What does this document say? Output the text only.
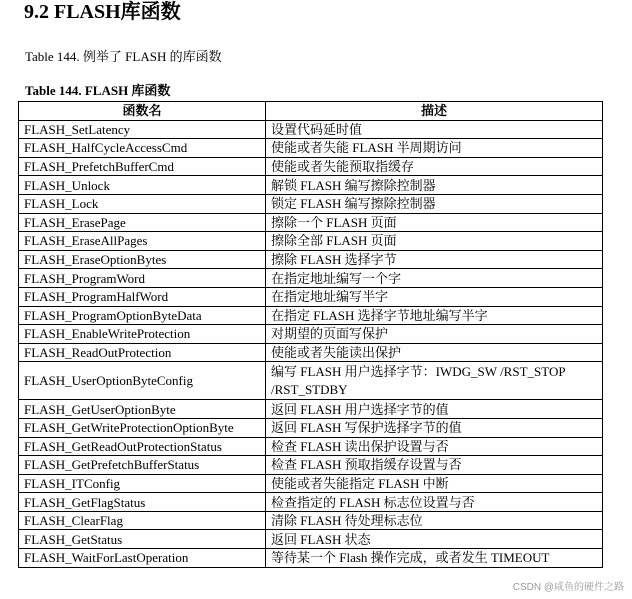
9.2 FLASH库函数
Table 144. 例举了 FLASH 的库函数
Table 144. FLASH 库函数
函数名	描述
FLASH_SetLatency	设置代码延时值
FLASH_HalfCycleAccessCmd	使能或者失能 FLASH 半周期访问
FLASH_PrefetchBufferCmd	使能或者失能预取指缓存
FLASH_Unlock	解锁 FLASH 编写擦除控制器
FLASH_Lock	锁定 FLASH 编写擦除控制器
FLASH_ErasePage	擦除一个 FLASH 页面
FLASH_EraseAllPages	擦除全部 FLASH 页面
FLASH_EraseOptionBytes	擦除 FLASH 选择字节
FLASH_ProgramWord	在指定地址编写一个字
FLASH_ProgramHalfWord	在指定地址编写半字
FLASH_ProgramOptionByteData	在指定 FLASH 选择字节地址编写半字
FLASH_EnableWriteProtection	对期望的页面写保护
FLASH_ReadOutProtection	使能或者失能读出保护
FLASH_UserOptionByteConfig	编写 FLASH 用户选择字节：IWDG_SW /RST_STOP /RST_STDBY
FLASH_GetUserOptionByte	返回 FLASH 用户选择字节的值
FLASH_GetWriteProtectionOptionByte	返回 FLASH 写保护选择字节的值
FLASH_GetReadOutProtectionStatus	检查 FLASH 读出保护设置与否
FLASH_GetPrefetchBufferStatus	检查 FLASH 预取指缓存设置与否
FLASH_ITConfig	使能或者失能指定 FLASH 中断
FLASH_GetFlagStatus	检查指定的 FLASH 标志位设置与否
FLASH_ClearFlag	清除 FLASH 待处理标志位
FLASH_GetStatus	返回 FLASH 状态
FLASH_WaitForLastOperation	等待某一个 Flash 操作完成，或者发生 TIMEOUT
CSDN @咸鱼的硬件之路
